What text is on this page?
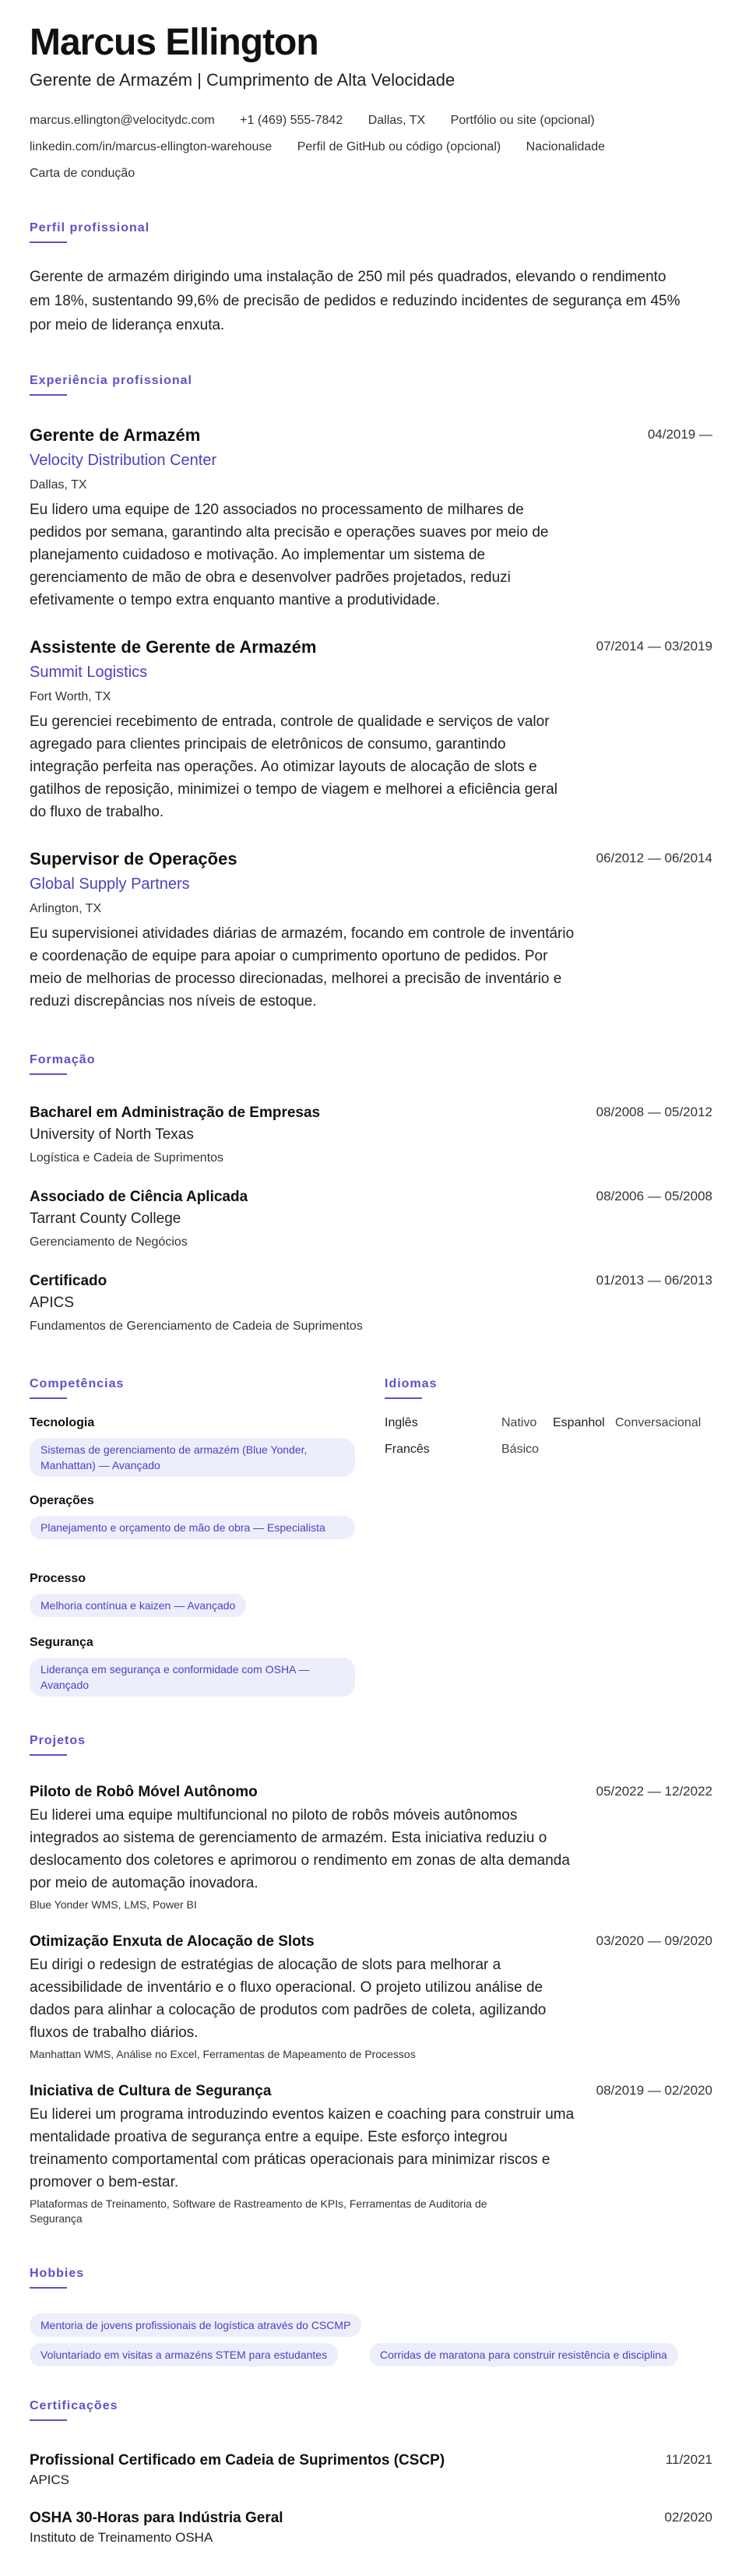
Marcus Ellington
Gerente de Armazém | Cumprimento de Alta Velocidade
marcus.ellington@velocitydc.com +1 (469) 555-7842 Dallas, TX Portfólio ou site (opcional)
linkedin.com/in/marcus-ellington-warehouse Perfil de GitHub ou código (opcional) Nacionalidade
Carta de condução
Perfil profissional
Gerente de armazém dirigindo uma instalação de 250 mil pés quadrados, elevando o rendimento em 18%, sustentando 99,6% de precisão de pedidos e reduzindo incidentes de segurança em 45% por meio de liderança enxuta.
Experiência profissional
Gerente de Armazém	04/2019 —
Velocity Distribution Center
Dallas, TX
Eu lidero uma equipe de 120 associados no processamento de milhares de pedidos por semana, garantindo alta precisão e operações suaves por meio de planejamento cuidadoso e motivação. Ao implementar um sistema de gerenciamento de mão de obra e desenvolver padrões projetados, reduzi efetivamente o tempo extra enquanto mantive a produtividade.
Assistente de Gerente de Armazém	07/2014 — 03/2019
Summit Logistics
Fort Worth, TX
Eu gerenciei recebimento de entrada, controle de qualidade e serviços de valor agregado para clientes principais de eletrônicos de consumo, garantindo integração perfeita nas operações. Ao otimizar layouts de alocação de slots e gatilhos de reposição, minimizei o tempo de viagem e melhorei a eficiência geral do fluxo de trabalho.
Supervisor de Operações	06/2012 — 06/2014
Global Supply Partners
Arlington, TX
Eu supervisionei atividades diárias de armazém, focando em controle de inventário e coordenação de equipe para apoiar o cumprimento oportuno de pedidos. Por meio de melhorias de processo direcionadas, melhorei a precisão de inventário e reduzi discrepâncias nos níveis de estoque.
Formação
Bacharel em Administração de Empresas	08/2008 — 05/2012
University of North Texas
Logística e Cadeia de Suprimentos
Associado de Ciência Aplicada	08/2006 — 05/2008
Tarrant County College
Gerenciamento de Negócios
Certificado	01/2013 — 06/2013
APICS
Fundamentos de Gerenciamento de Cadeia de Suprimentos
Competências
Tecnologia
Sistemas de gerenciamento de armazém (Blue Yonder, Manhattan) — Avançado
Operações
Planejamento e orçamento de mão de obra — Especialista
Processo
Melhoria contínua e kaizen — Avançado
Segurança
Liderança em segurança e conformidade com OSHA — Avançado
Idiomas
Inglês	Nativo Espanhol Conversacional
Francês	Básico
Projetos
Piloto de Robô Móvel Autônomo	05/2022 — 12/2022
Eu liderei uma equipe multifuncional no piloto de robôs móveis autônomos integrados ao sistema de gerenciamento de armazém. Esta iniciativa reduziu o deslocamento dos coletores e aprimorou o rendimento em zonas de alta demanda por meio de automação inovadora.
Blue Yonder WMS, LMS, Power BI
Otimização Enxuta de Alocação de Slots	03/2020 — 09/2020
Eu dirigi o redesign de estratégias de alocação de slots para melhorar a acessibilidade de inventário e o fluxo operacional. O projeto utilizou análise de dados para alinhar a colocação de produtos com padrões de coleta, agilizando fluxos de trabalho diários.
Manhattan WMS, Análise no Excel, Ferramentas de Mapeamento de Processos
Iniciativa de Cultura de Segurança	08/2019 — 02/2020
Eu liderei um programa introduzindo eventos kaizen e coaching para construir uma mentalidade proativa de segurança entre a equipe. Este esforço integrou treinamento comportamental com práticas operacionais para minimizar riscos e promover o bem-estar.
Plataformas de Treinamento, Software de Rastreamento de KPIs, Ferramentas de Auditoria de Segurança
Hobbies
Mentoria de jovens profissionais de logística através do CSCMP
Voluntariado em visitas a armazéns STEM para estudantes	Corridas de maratona para construir resistência e disciplina
Certificações
Profissional Certificado em Cadeia de Suprimentos (CSCP)	11/2021
APICS
OSHA 30-Horas para Indústria Geral	02/2020
Instituto de Treinamento OSHA
